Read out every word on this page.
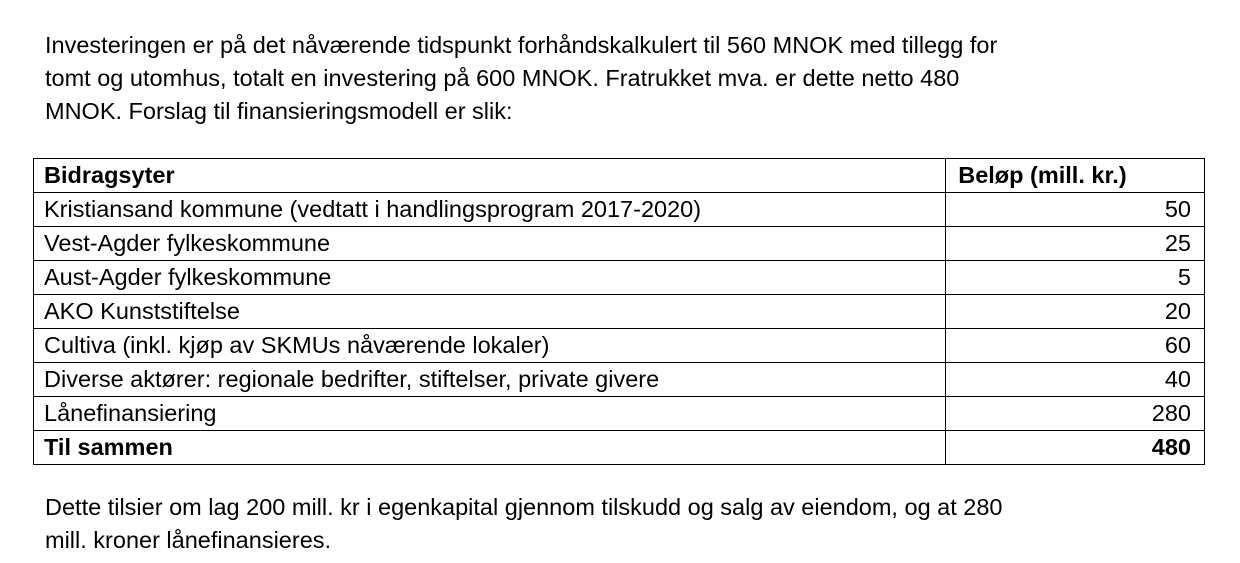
Investeringen er på det nåværende tidspunkt forhåndskalkulert til 560 MNOK med tillegg for
tomt og utomhus, totalt en investering på 600 MNOK. Fratrukket mva. er dette netto 480
MNOK. Forslag til finansieringsmodell er slik:

Bidragsyter	Beløp (mill. kr.)
Kristiansand kommune (vedtatt i handlingsprogram 2017-2020)	50
Vest-Agder fylkeskommune	25
Aust-Agder fylkeskommune	5
AKO Kunststiftelse	20
Cultiva (inkl. kjøp av SKMUs nåværende lokaler)	60
Diverse aktører: regionale bedrifter, stiftelser, private givere	40
Lånefinansiering	280
Til sammen	480

Dette tilsier om lag 200 mill. kr i egenkapital gjennom tilskudd og salg av eiendom, og at 280
mill. kroner lånefinansieres.
